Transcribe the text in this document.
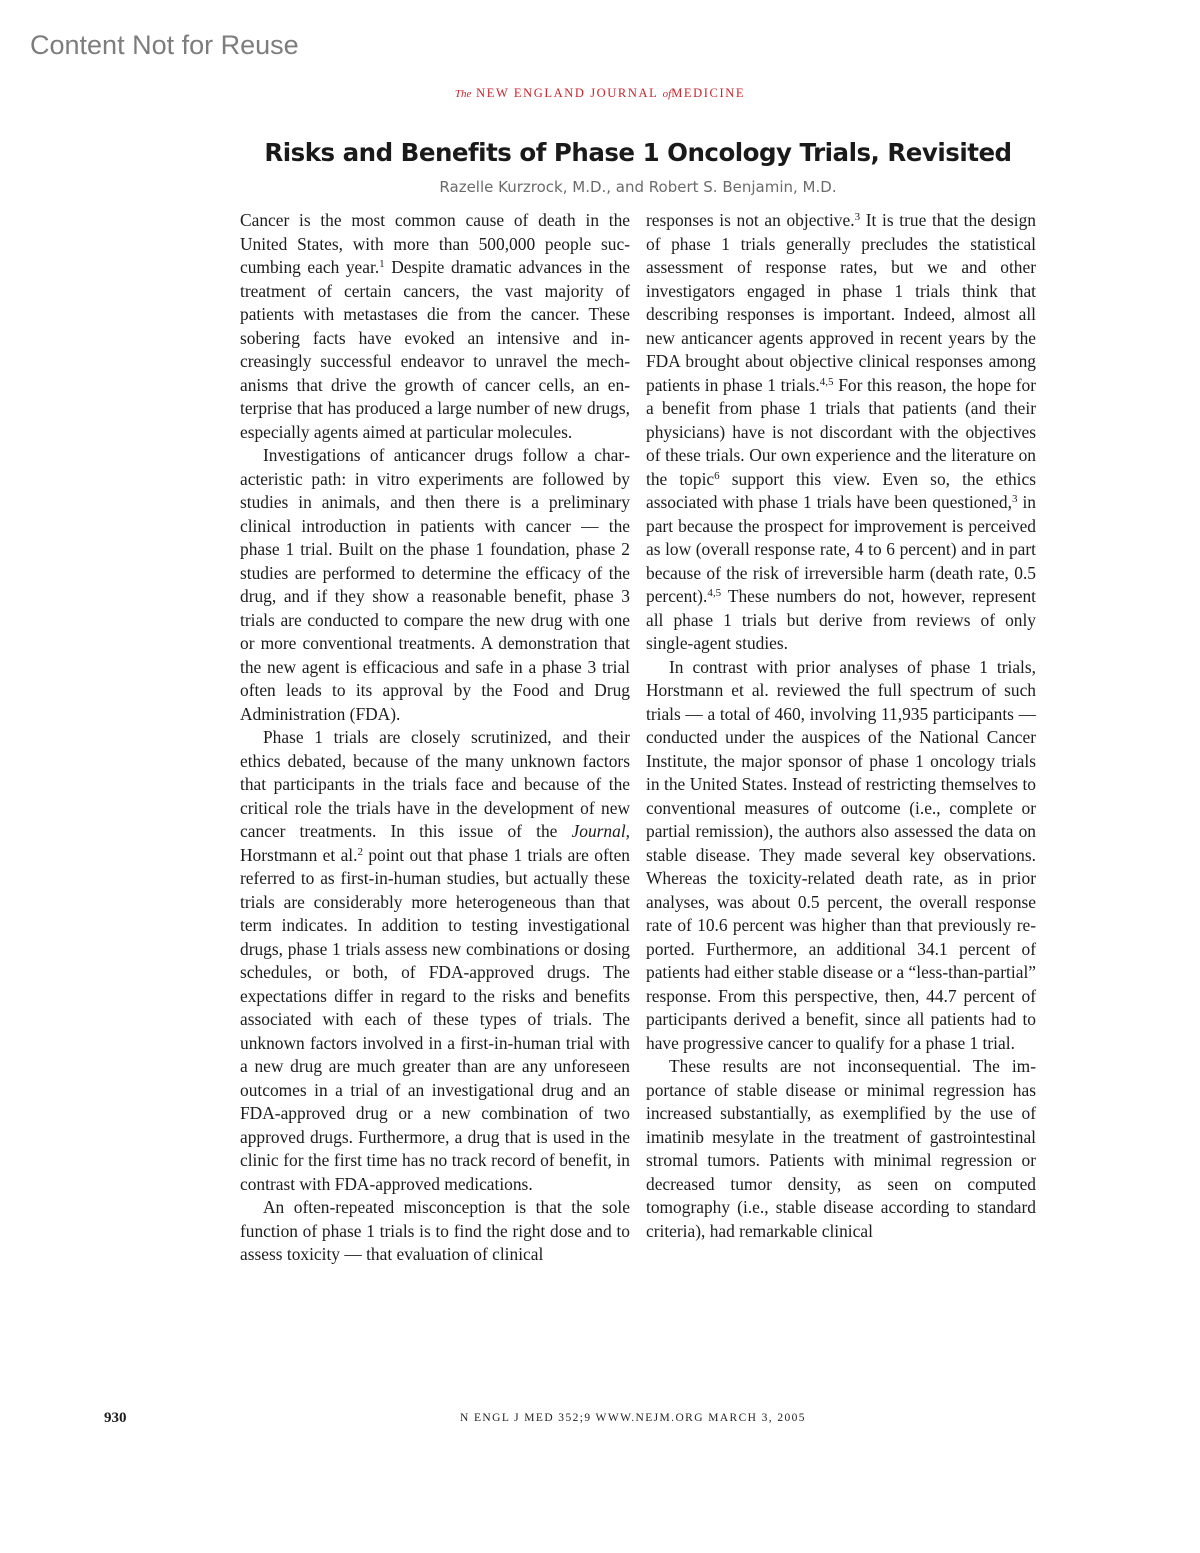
Content Not for Reuse
The NEW ENGLAND JOURNAL ofMEDICINE
Risks and Benefits of Phase 1 Oncology Trials, Revisited
Razelle Kurzrock, M.D., and Robert S. Benjamin, M.D.

Cancer is the most common cause of death in the United States, with more than 500,000 people succumbing each year.$^1$ Despite dramatic advances in the treatment of certain cancers, the vast majority of patients with metastases die from the cancer. These sobering facts have evoked an intensive and increasingly successful endeavor to unravel the mechanisms that drive the growth of cancer cells, an enterprise that has produced a large number of new drugs, especially agents aimed at particular molecules.

Investigations of anticancer drugs follow a characteristic path: in vitro experiments are followed by studies in animals, and then there is a preliminary clinical introduction in patients with cancer — the phase 1 trial. Built on the phase 1 foundation, phase 2 studies are performed to determine the efficacy of the drug, and if they show a reasonable benefit, phase 3 trials are conducted to compare the new drug with one or more conventional treatments. A demonstration that the new agent is efficacious and safe in a phase 3 trial often leads to its approval by the Food and Drug Administration (FDA).

Phase 1 trials are closely scrutinized, and their ethics debated, because of the many unknown factors that participants in the trials face and because of the critical role the trials have in the development of new cancer treatments. In this issue of the Journal, Horstmann et al.$^2$ point out that phase 1 trials are often referred to as first-in-human studies, but actually these trials are considerably more heterogeneous than that term indicates. In addition to testing investigational drugs, phase 1 trials assess new combinations or dosing schedules, or both, of FDA-approved drugs. The expectations differ in regard to the risks and benefits associated with each of these types of trials. The unknown factors involved in a first-in-human trial with a new drug are much greater than are any unforeseen outcomes in a trial of an investigational drug and an FDA-approved drug or a new combination of two approved drugs. Furthermore, a drug that is used in the clinic for the first time has no track record of benefit, in contrast with FDA-approved medications.

An often-repeated misconception is that the sole function of phase 1 trials is to find the right dose and to assess toxicity — that evaluation of clinical

responses is not an objective.$^3$ It is true that the design of phase 1 trials generally precludes the statistical assessment of response rates, but we and other investigators engaged in phase 1 trials think that describing responses is important. Indeed, almost all new anticancer agents approved in recent years by the FDA brought about objective clinical responses among patients in phase 1 trials.$^{4,5}$ For this reason, the hope for a benefit from phase 1 trials that patients (and their physicians) have is not discordant with the objectives of these trials. Our own experience and the literature on the topic$^6$ support this view. Even so, the ethics associated with phase 1 trials have been questioned,$^3$ in part because the prospect for improvement is perceived as low (overall response rate, 4 to 6 percent) and in part because of the risk of irreversible harm (death rate, 0.5 percent).$^{4,5}$ These numbers do not, however, represent all phase 1 trials but derive from reviews of only single-agent studies.

In contrast with prior analyses of phase 1 trials, Horstmann et al. reviewed the full spectrum of such trials — a total of 460, involving 11,935 participants — conducted under the auspices of the National Cancer Institute, the major sponsor of phase 1 oncology trials in the United States. Instead of restricting themselves to conventional measures of outcome (i.e., complete or partial remission), the authors also assessed the data on stable disease. They made several key observations. Whereas the toxicity-related death rate, as in prior analyses, was about 0.5 percent, the overall response rate of 10.6 percent was higher than that previously reported. Furthermore, an additional 34.1 percent of patients had either stable disease or a “less-than-partial” response. From this perspective, then, 44.7 percent of participants derived a benefit, since all patients had to have progressive cancer to qualify for a phase 1 trial.

These results are not inconsequential. The importance of stable disease or minimal regression has increased substantially, as exemplified by the use of imatinib mesylate in the treatment of gastrointestinal stromal tumors. Patients with minimal regression or decreased tumor density, as seen on computed tomography (i.e., stable disease according to standard criteria), had remarkable clinical

930	N ENGL J MED 352;9 WWW.NEJM.ORG MARCH 3, 2005
